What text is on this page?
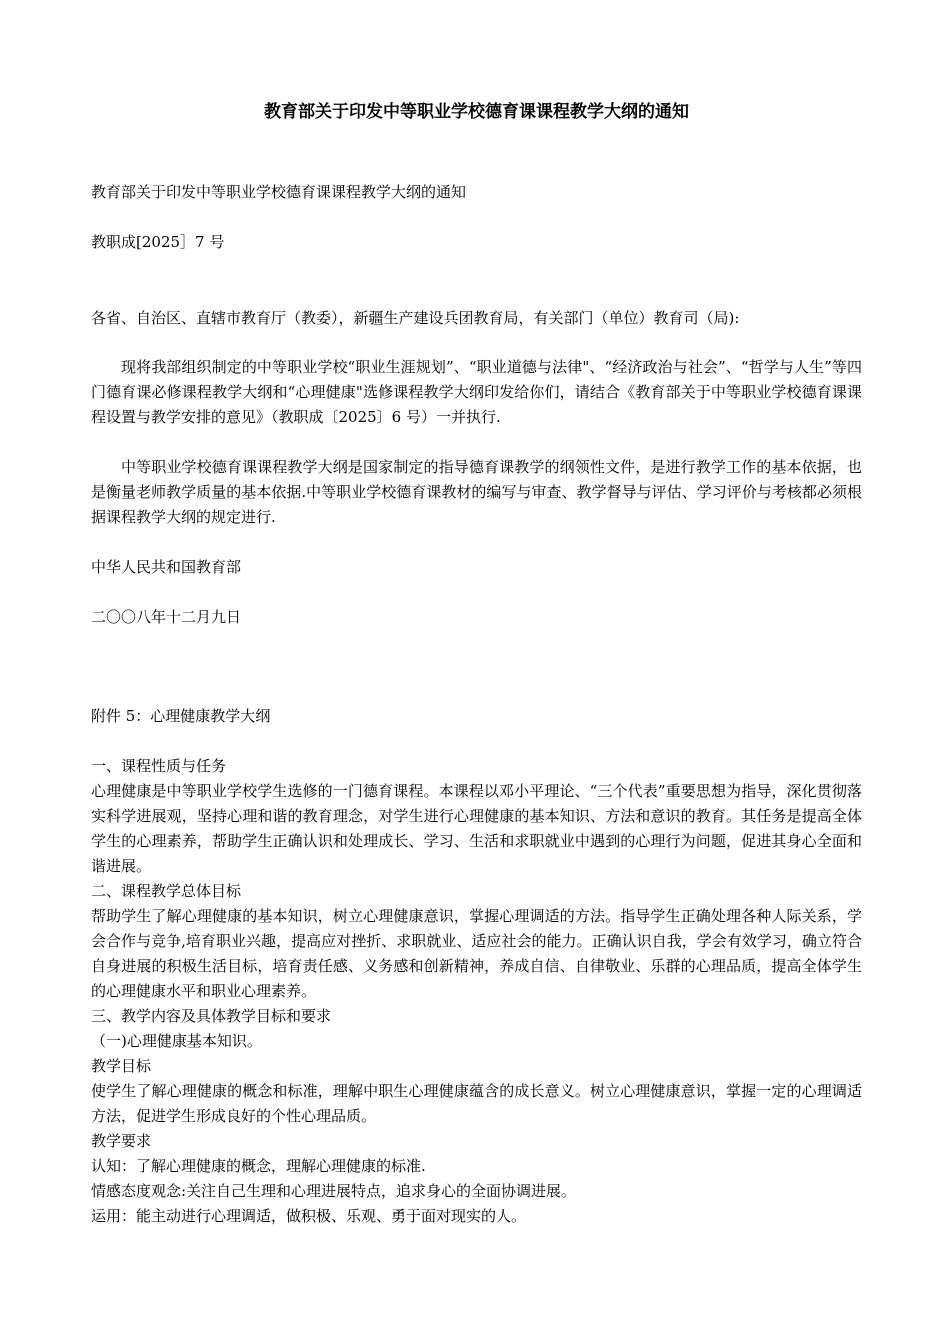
教育部关于印发中等职业学校德育课课程教学大纲的通知

教育部关于印发中等职业学校德育课课程教学大纲的通知

教职成[2025］7 号

各省、自治区、直辖市教育厅（教委），新疆生产建设兵团教育局，有关部门（单位）教育司（局):

现将我部组织制定的中等职业学校“职业生涯规划”、“职业道德与法律"、“经济政治与社会”、“哲学与人生”等四门德育课必修课程教学大纲和“心理健康"选修课程教学大纲印发给你们，请结合《教育部关于中等职业学校德育课课程设置与教学安排的意见》（教职成〔2025〕6 号）一并执行.

中等职业学校德育课课程教学大纲是国家制定的指导德育课教学的纲领性文件，是进行教学工作的基本依据，也是衡量老师教学质量的基本依据.中等职业学校德育课教材的编写与审查、教学督导与评估、学习评价与考核都必须根据课程教学大纲的规定进行.

中华人民共和国教育部

二〇〇八年十二月九日

附件 5：心理健康教学大纲

一、课程性质与任务

心理健康是中等职业学校学生选修的一门德育课程。本课程以邓小平理论、“三个代表”重要思想为指导，深化贯彻落实科学进展观，坚持心理和谐的教育理念，对学生进行心理健康的基本知识、方法和意识的教育。其任务是提高全体学生的心理素养，帮助学生正确认识和处理成长、学习、生活和求职就业中遇到的心理行为问题，促进其身心全面和谐进展。

二、课程教学总体目标

帮助学生了解心理健康的基本知识，树立心理健康意识，掌握心理调适的方法。指导学生正确处理各种人际关系，学会合作与竞争,培育职业兴趣，提高应对挫折、求职就业、适应社会的能力。正确认识自我，学会有效学习，确立符合自身进展的积极生活目标，培育责任感、义务感和创新精神，养成自信、自律敬业、乐群的心理品质，提高全体学生的心理健康水平和职业心理素养。

三、教学内容及具体教学目标和要求

（一)心理健康基本知识。

教学目标

使学生了解心理健康的概念和标准，理解中职生心理健康蕴含的成长意义。树立心理健康意识，掌握一定的心理调适方法，促进学生形成良好的个性心理品质。

教学要求

认知：了解心理健康的概念，理解心理健康的标准.

情感态度观念:关注自己生理和心理进展特点，追求身心的全面协调进展。

运用：能主动进行心理调适，做积极、乐观、勇于面对现实的人。
